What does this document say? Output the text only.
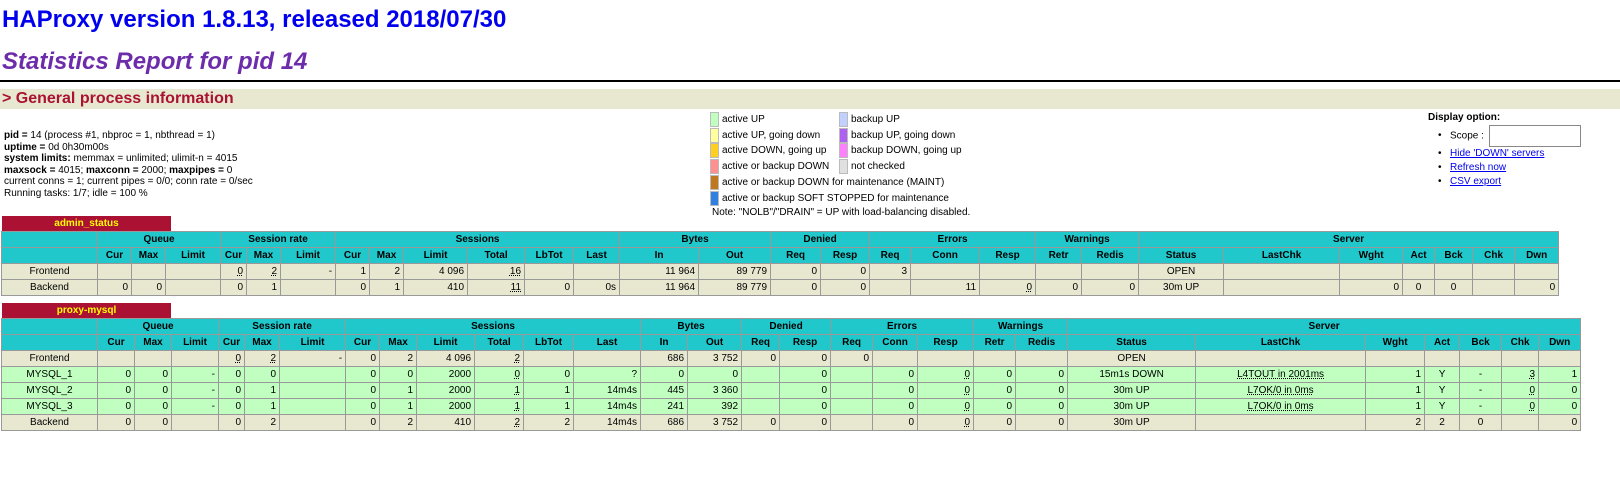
HAProxy version 1.8.13, released 2018/07/30
Statistics Report for pid 14
> General process information
pid = 14 (process #1, nbproc = 1, nbthread = 1)
uptime = 0d 0h30m00s
system limits: memmax = unlimited; ulimit-n = 4015
maxsock = 4015; maxconn = 2000; maxpipes = 0
current conns = 1; current pipes = 0/0; conn rate = 0/sec
Running tasks: 1/7; idle = 100 %
active UP
active UP, going down
active DOWN, going up
active or backup DOWN
active or backup DOWN for maintenance (MAINT)
active or backup SOFT STOPPED for maintenance
backup UP
backup UP, going down
backup DOWN, going up
not checked
Note: "NOLB"/"DRAIN" = UP with load-balancing disabled.
Display option:
• Scope :
• Hide 'DOWN' servers
• Refresh now
• CSV export
admin_status
	Queue			Session rate			Sessions						Bytes		Denied		Errors			Warnings		Server						
	Cur	Max	Limit	Cur	Max	Limit	Cur	Max	Limit	Total	LbTot	Last	In	Out	Req	Resp	Req	Conn	Resp	Retr	Redis	Status	LastChk	Wght	Act	Bck	Chk	Dwn
Frontend				0	2	-	1	2	4 096	16			11 964	89 779	0	0	3					OPEN						
Backend	0	0		0	1		0	1	410	11	0	0s	11 964	89 779	0	0		11	0	0	0	30m UP		0	0	0		0
proxy-mysql
	Queue			Session rate			Sessions						Bytes		Denied		Errors			Warnings		Server						
	Cur	Max	Limit	Cur	Max	Limit	Cur	Max	Limit	Total	LbTot	Last	In	Out	Req	Resp	Req	Conn	Resp	Retr	Redis	Status	LastChk	Wght	Act	Bck	Chk	Dwn
Frontend				0	2	-	0	2	4 096	2			686	3 752	0	0	0					OPEN						
MYSQL_1	0	0	-	0	0		0	0	2000	0	0	?	0	0		0		0	0	0	0	15m1s DOWN	L4TOUT in 2001ms	1	Y	-	3	1
MYSQL_2	0	0	-	0	1		0	1	2000	1	1	14m4s	445	3 360		0		0	0	0	0	30m UP	L7OK/0 in 0ms	1	Y	-	0	0
MYSQL_3	0	0	-	0	1		0	1	2000	1	1	14m4s	241	392		0		0	0	0	0	30m UP	L7OK/0 in 0ms	1	Y	-	0	0
Backend	0	0		0	2		0	2	410	2	2	14m4s	686	3 752	0	0		0	0	0	0	30m UP		2	2	0		0
